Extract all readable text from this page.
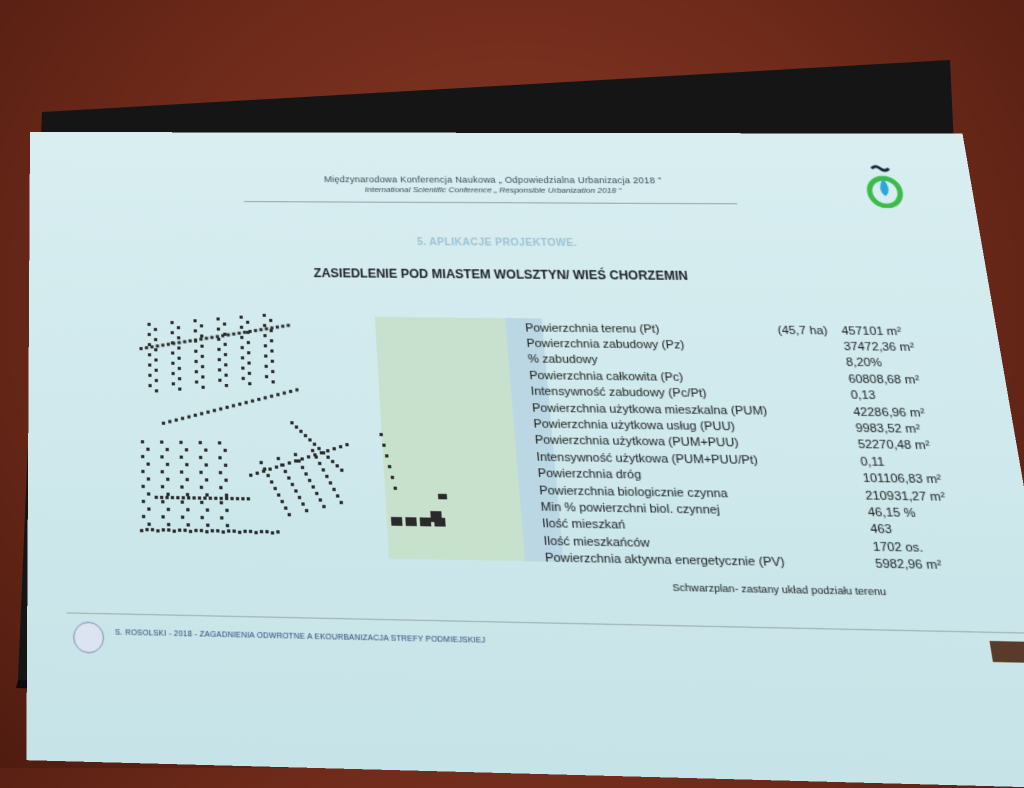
Międzynarodowa Konferencja Naukowa „ Odpowiedzialna Urbanizacja 2018 ”
International Scientific Conference „ Responsible Urbanization 2018 ”
5. APLIKACJE PROJEKTOWE.
ZASIEDLENIE POD MIASTEM WOLSZTYN/ WIEŚ CHORZEMIN
Powierzchnia terenu (Pt)	(45,7 ha) 457101 m²
Powierzchnia zabudowy (Pz)	37472,36 m²
% zabudowy	8,20%
Powierzchnia całkowita (Pc)	60808,68 m²
Intensywność zabudowy (Pc/Pt)	0,13
Powierzchnia użytkowa mieszkalna (PUM)	42286,96 m²
Powierzchnia użytkowa usług (PUU)	9983,52 m²
Powierzchnia użytkowa (PUM+PUU)	52270,48 m²
Intensywność użytkowa (PUM+PUU/Pt)	0,11
Powierzchnia dróg	101106,83 m²
Powierzchnia biologicznie czynna	210931,27 m²
Min % powierzchni biol. czynnej	46,15 %
Ilość mieszkań	463
Ilość mieszkańców	1702 os.
Powierzchnia aktywna energetycznie (PV)	5982,96 m²
Schwarzplan- zastany układ podziału terenu
S. ROSOLSKI - 2018 - ZAGADNIENIA ODWROTNE A EKOURBANIZACJA STREFY PODMIEJSKIEJ
